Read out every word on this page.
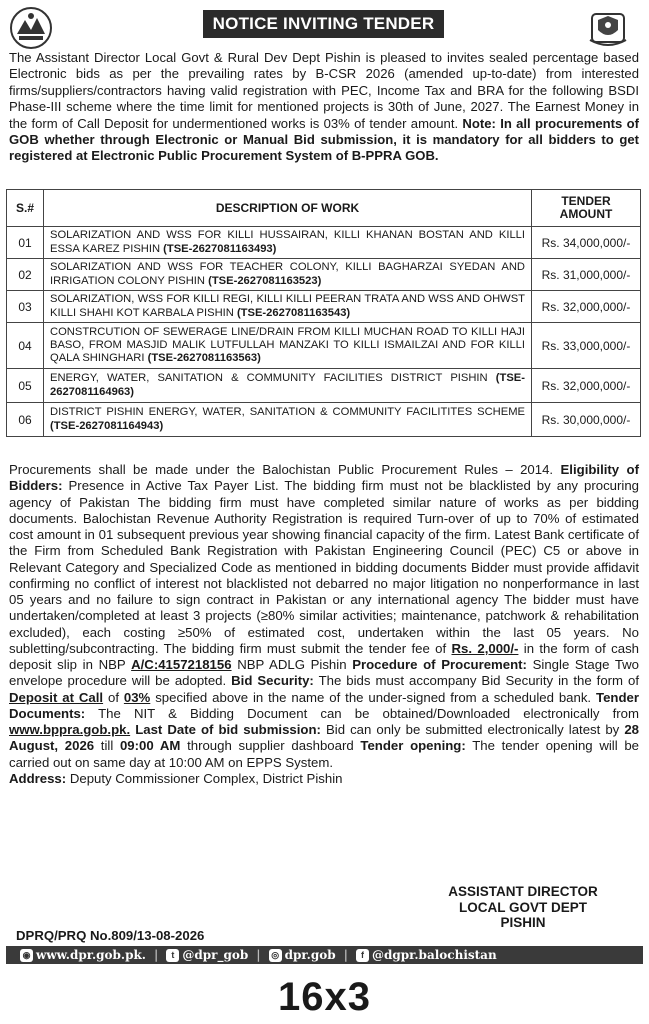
NOTICE INVITING TENDER
The Assistant Director Local Govt & Rural Dev Dept Pishin is pleased to invites sealed percentage based Electronic bids as per the prevailing rates by B-CSR 2026 (amended up-to-date) from interested firms/suppliers/contractors having valid registration with PEC, Income Tax and BRA for the following BSDI Phase-III scheme where the time limit for mentioned projects is 30th of June, 2027. The Earnest Money in the form of Call Deposit for undermentioned works is 03% of tender amount. Note: In all procurements of GOB whether through Electronic or Manual Bid submission, it is mandatory for all bidders to get registered at Electronic Public Procurement System of B-PPRA GOB.
S.#	DESCRIPTION OF WORK	TENDER AMOUNT
01	SOLARIZATION AND WSS FOR KILLI HUSSAIRAN, KILLI KHANAN BOSTAN AND KILLI ESSA KAREZ PISHIN (TSE-2627081163493)	Rs. 34,000,000/-
02	SOLARIZATION AND WSS FOR TEACHER COLONY, KILLI BAGHARZAI SYEDAN AND IRRIGATION COLONY PISHIN (TSE-2627081163523)	Rs. 31,000,000/-
03	SOLARIZATION, WSS FOR KILLI REGI, KILLI KILLI PEERAN TRATA AND WSS AND OHWST KILLI SHAHI KOT KARBALA PISHIN (TSE-2627081163543)	Rs. 32,000,000/-
04	CONSTRCUTION OF SEWERAGE LINE/DRAIN FROM KILLI MUCHAN ROAD TO KILLI HAJI BASO, FROM MASJID MALIK LUTFULLAH MANZAKI TO KILLI ISMAILZAI AND FOR KILLI QALA SHINGHARI (TSE-2627081163563)	Rs. 33,000,000/-
05	ENERGY, WATER, SANITATION & COMMUNITY FACILITIES DISTRICT PISHIN (TSE-2627081164963)	Rs. 32,000,000/-
06	DISTRICT PISHIN ENERGY, WATER, SANITATION & COMMUNITY FACILITITES SCHEME (TSE-2627081164943)	Rs. 30,000,000/-
Procurements shall be made under the Balochistan Public Procurement Rules – 2014. Eligibility of Bidders: Presence in Active Tax Payer List. The bidding firm must not be blacklisted by any procuring agency of Pakistan The bidding firm must have completed similar nature of works as per bidding documents. Balochistan Revenue Authority Registration is required Turn-over of up to 70% of estimated cost amount in 01 subsequent previous year showing financial capacity of the firm. Latest Bank certificate of the Firm from Scheduled Bank Registration with Pakistan Engineering Council (PEC) C5 or above in Relevant Category and Specialized Code as mentioned in bidding documents Bidder must provide affidavit confirming no conflict of interest not blacklisted not debarred no major litigation no nonperformance in last 05 years and no failure to sign contract in Pakistan or any international agency The bidder must have undertaken/completed at least 3 projects (≥80% similar activities; maintenance, patchwork & rehabilitation excluded), each costing ≥50% of estimated cost, undertaken within the last 05 years. No subletting/subcontracting. The bidding firm must submit the tender fee of Rs. 2,000/- in the form of cash deposit slip in NBP A/C:4157218156 NBP ADLG Pishin Procedure of Procurement: Single Stage Two envelope procedure will be adopted. Bid Security: The bids must accompany Bid Security in the form of Deposit at Call of 03% specified above in the name of the under-signed from a scheduled bank. Tender Documents: The NIT & Bidding Document can be obtained/Downloaded electronically from www.bppra.gob.pk. Last Date of bid submission: Bid can only be submitted electronically latest by 28 August, 2026 till 09:00 AM through supplier dashboard Tender opening: The tender opening will be carried out on same day at 10:00 AM on EPPS System.
Address: Deputy Commissioner Complex, District Pishin
ASSISTANT DIRECTOR
LOCAL GOVT DEPT
PISHIN
DPRQ/PRQ No.809/13-08-2026
◉ www.dpr.gob.pk. |	t @dpr_gob | ◎ dpr.gob |	f @dgpr.balochistan
16x3
